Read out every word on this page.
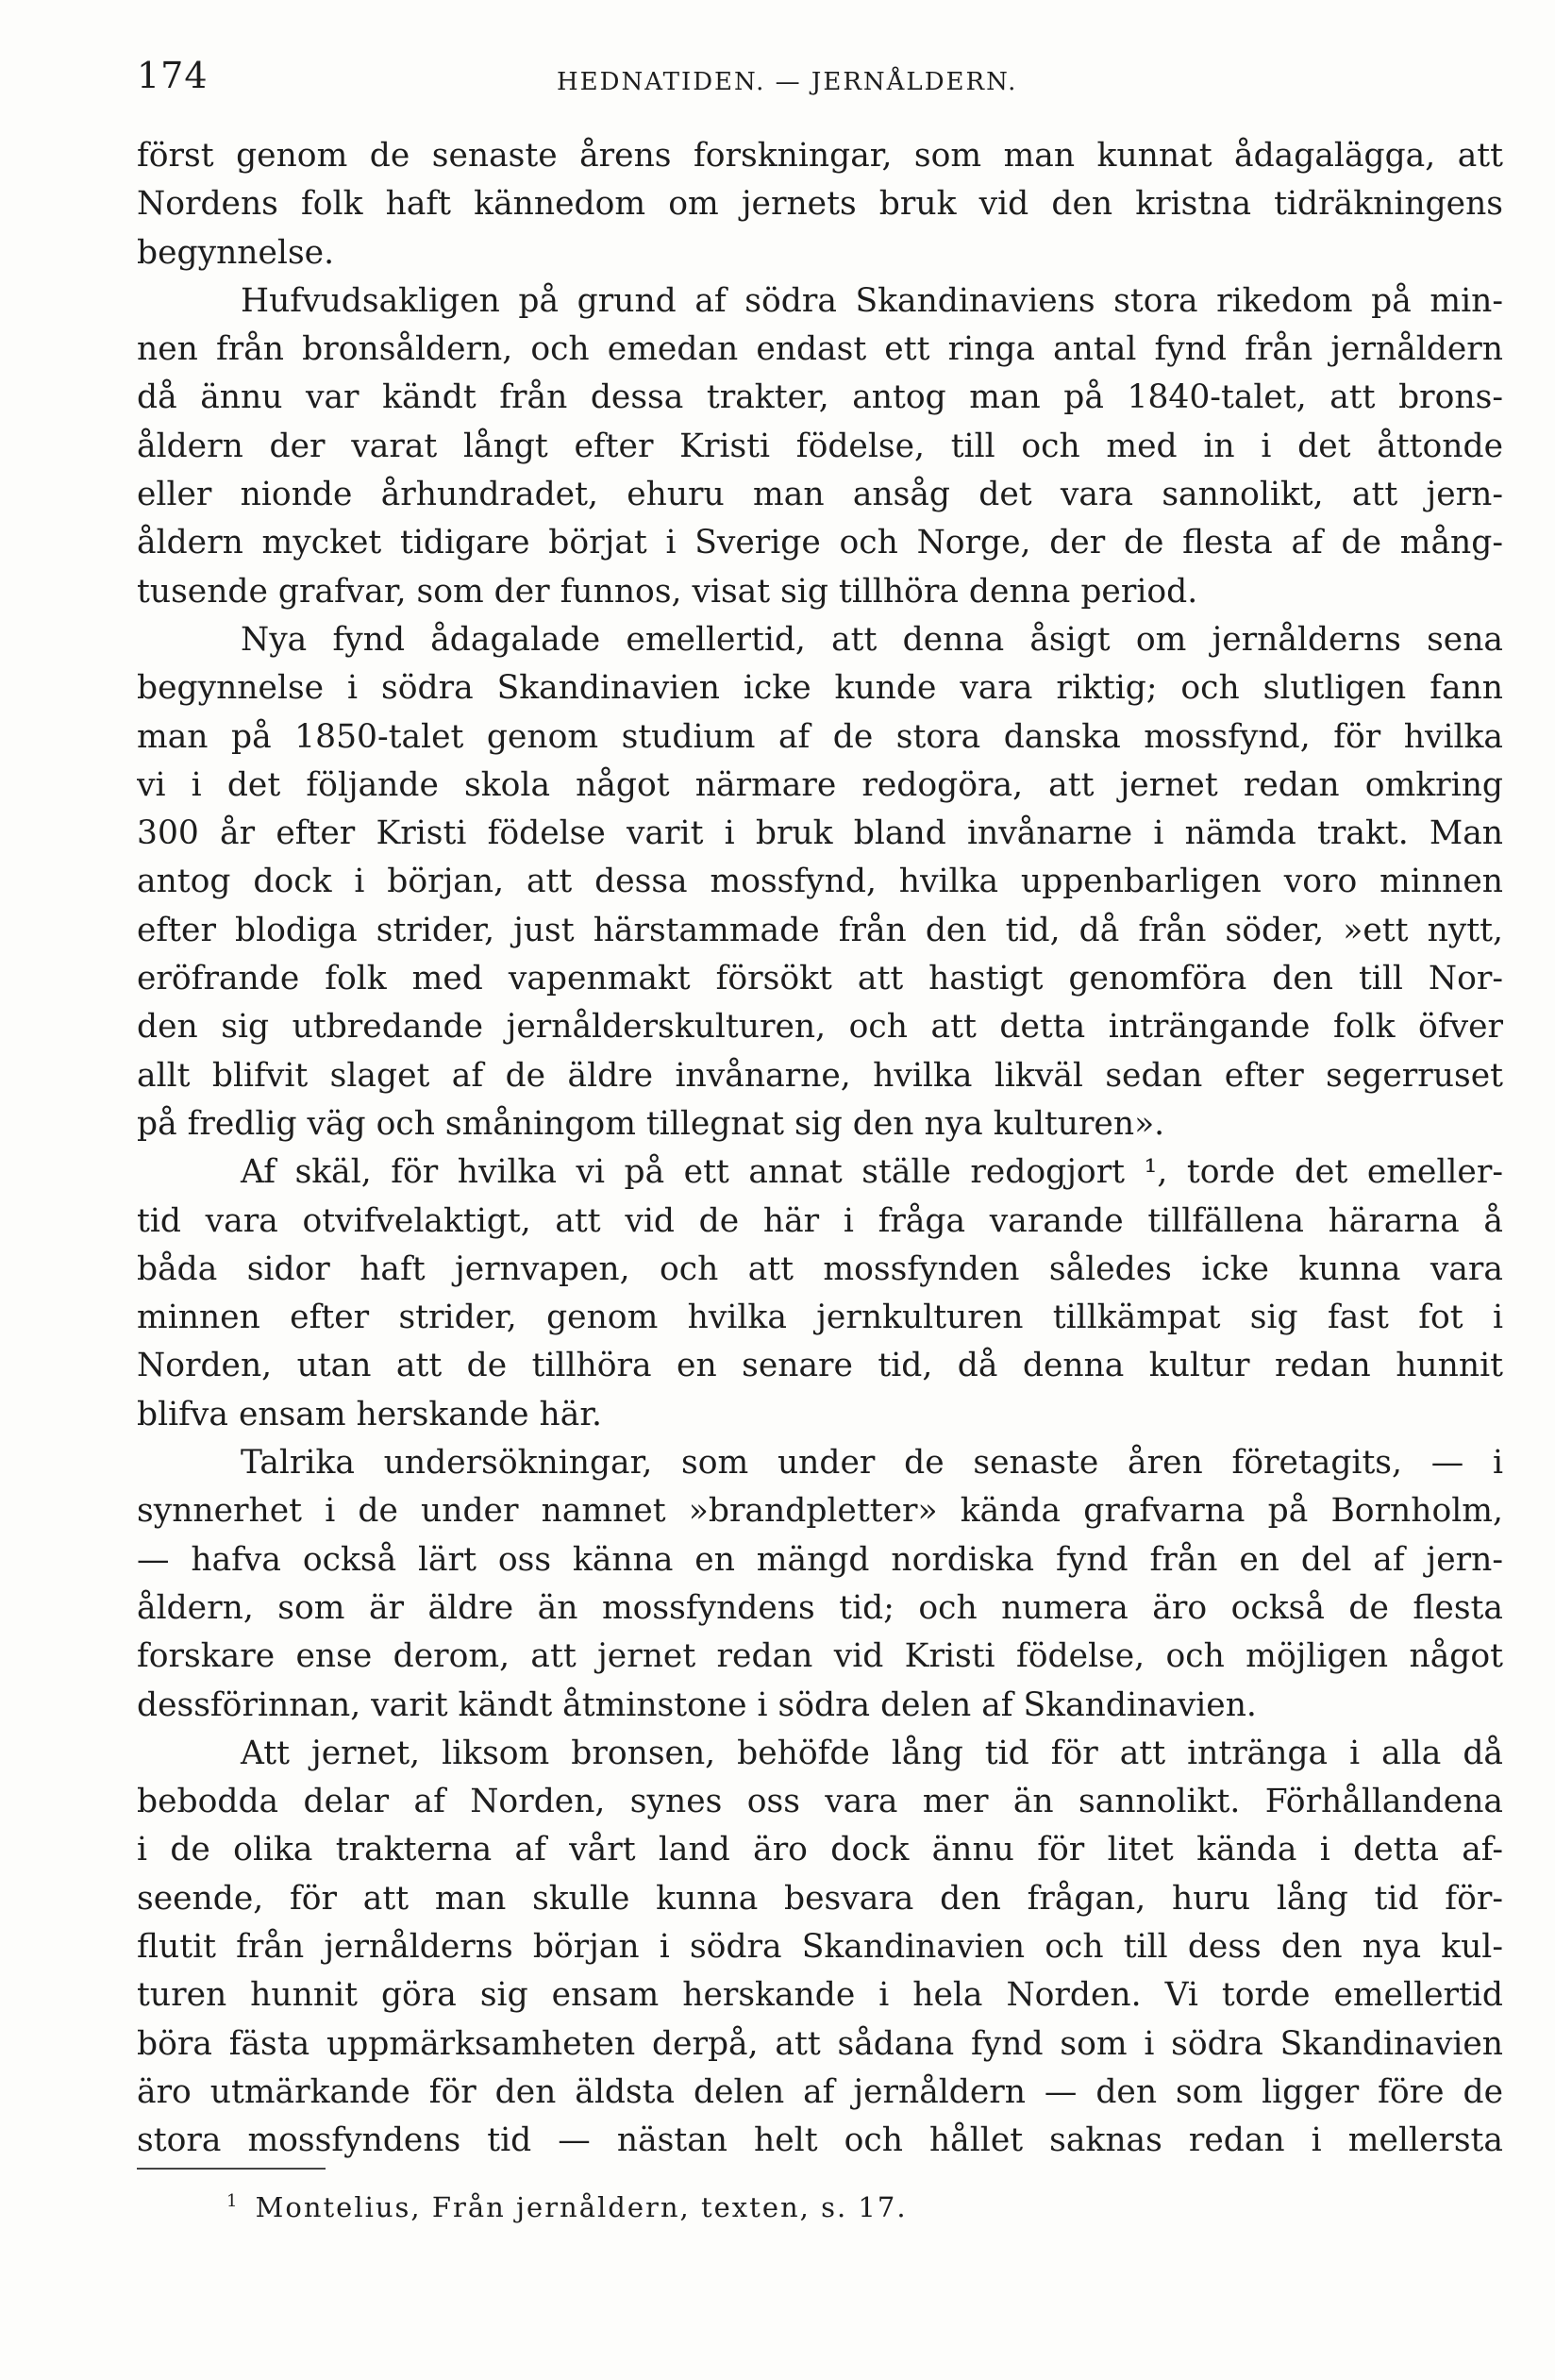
174	HEDNATIDEN. — JERNÅLDERN.
först genom de senaste årens forskningar, som man kunnat ådagalägga, att
Nordens folk haft kännedom om jernets bruk vid den kristna tidräkningens
begynnelse.
Hufvudsakligen på grund af södra Skandinaviens stora rikedom på min-
nen från bronsåldern, och emedan endast ett ringa antal fynd från jernåldern
då ännu var kändt från dessa trakter, antog man på 1840-talet, att brons-
åldern der varat långt efter Kristi födelse, till och med in i det åttonde
eller nionde århundradet, ehuru man ansåg det vara sannolikt, att jern-
åldern mycket tidigare börjat i Sverige och Norge, der de flesta af de mång-
tusende grafvar, som der funnos, visat sig tillhöra denna period.
Nya fynd ådagalade emellertid, att denna åsigt om jernålderns sena
begynnelse i södra Skandinavien icke kunde vara riktig; och slutligen fann
man på 1850-talet genom studium af de stora danska mossfynd, för hvilka
vi i det följande skola något närmare redogöra, att jernet redan omkring
300 år efter Kristi födelse varit i bruk bland invånarne i nämda trakt. Man
antog dock i början, att dessa mossfynd, hvilka uppenbarligen voro minnen
efter blodiga strider, just härstammade från den tid, då från söder, »ett nytt,
eröfrande folk med vapenmakt försökt att hastigt genomföra den till Nor-
den sig utbredande jernålderskulturen, och att detta inträngande folk öfver
allt blifvit slaget af de äldre invånarne, hvilka likväl sedan efter segerruset
på fredlig väg och småningom tillegnat sig den nya kulturen».
Af skäl, för hvilka vi på ett annat ställe redogjort ¹, torde det emeller-
tid vara otvifvelaktigt, att vid de här i fråga varande tillfällena härarna å
båda sidor haft jernvapen, och att mossfynden således icke kunna vara
minnen efter strider, genom hvilka jernkulturen tillkämpat sig fast fot i
Norden, utan att de tillhöra en senare tid, då denna kultur redan hunnit
blifva ensam herskande här.
Talrika undersökningar, som under de senaste åren företagits, — i
synnerhet i de under namnet »brandpletter» kända grafvarna på Bornholm,
— hafva också lärt oss känna en mängd nordiska fynd från en del af jern-
åldern, som är äldre än mossfyndens tid; och numera äro också de flesta
forskare ense derom, att jernet redan vid Kristi födelse, och möjligen något
dessförinnan, varit kändt åtminstone i södra delen af Skandinavien.
Att jernet, liksom bronsen, behöfde lång tid för att intränga i alla då
bebodda delar af Norden, synes oss vara mer än sannolikt. Förhållandena
i de olika trakterna af vårt land äro dock ännu för litet kända i detta af-
seende, för att man skulle kunna besvara den frågan, huru lång tid för-
flutit från jernålderns början i södra Skandinavien och till dess den nya kul-
turen hunnit göra sig ensam herskande i hela Norden. Vi torde emellertid
böra fästa uppmärksamheten derpå, att sådana fynd som i södra Skandinavien
äro utmärkande för den äldsta delen af jernåldern — den som ligger före de
stora mossfyndens tid — nästan helt och hållet saknas redan i mellersta
$^1$ Montelius, Från jernåldern, texten, s. 17.
